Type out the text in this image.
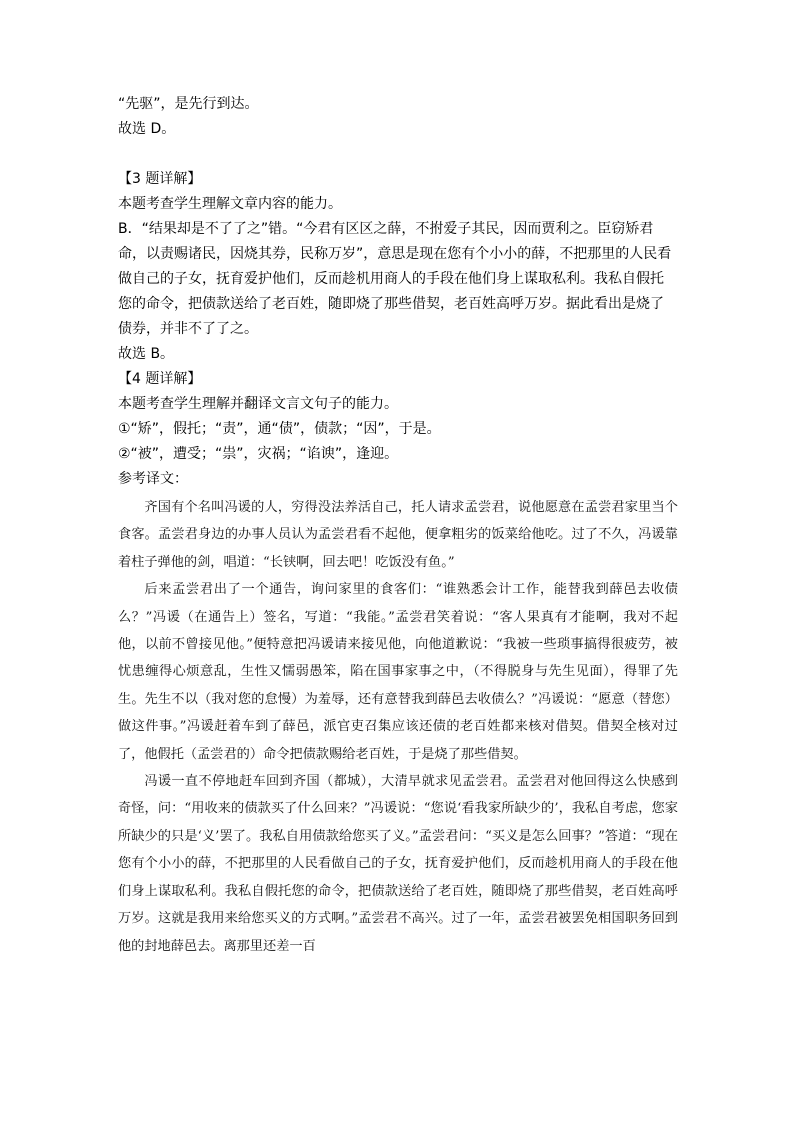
“先驱”，是先行到达。
故选 D。
【3 题详解】
本题考查学生理解文章内容的能力。
B．“结果却是不了了之”错。“今君有区区之薛，不拊爱子其民，因而贾利之。臣窃矫君
命，以责赐诸民，因烧其券，民称万岁”，意思是现在您有个小小的薛，不把那里的人民看
做自己的子女，抚育爱护他们，反而趁机用商人的手段在他们身上谋取私利。我私自假托
您的命令，把债款送给了老百姓，随即烧了那些借契，老百姓高呼万岁。据此看出是烧了
债券，并非不了了之。
故选 B。
【4 题详解】
本题考查学生理解并翻译文言文句子的能力。
①“矫”，假托；“责”，通“债”，债款；“因”，于是。
②“被”，遭受；“祟”，灾祸；“谄谀”，逢迎。
参考译文：

齐国有个名叫冯谖的人，穷得没法养活自己，托人请求孟尝君，说他愿意在孟尝君家里当个食客。孟尝君身边的办事人员认为孟尝君看不起他，便拿粗劣的饭菜给他吃。过了不久，冯谖靠着柱子弹他的剑，唱道：“长铗啊，回去吧！吃饭没有鱼。”

后来孟尝君出了一个通告，询问家里的食客们：“谁熟悉会计工作，能替我到薛邑去收债么？”冯谖（在通告上）签名，写道：“我能。”孟尝君笑着说：“客人果真有才能啊，我对不起他，以前不曾接见他。”便特意把冯谖请来接见他，向他道歉说：“我被一些琐事搞得很疲劳，被忧患缠得心烦意乱，生性又懦弱愚笨，陷在国事家事之中，（不得脱身与先生见面），得罪了先生。先生不以（我对您的怠慢）为羞辱，还有意替我到薛邑去收债么？”冯谖说：“愿意（替您）做这件事。”冯谖赶着车到了薛邑，派官吏召集应该还债的老百姓都来核对借契。借契全核对过了，他假托（孟尝君的）命令把债款赐给老百姓，于是烧了那些借契。

冯谖一直不停地赶车回到齐国（都城），大清早就求见孟尝君。孟尝君对他回得这么快感到奇怪，问：“用收来的债款买了什么回来？”冯谖说：“您说‘看我家所缺少的’，我私自考虑，您家所缺少的只是‘义’罢了。我私自用债款给您买了义。”孟尝君问：“买义是怎么回事？”答道：“现在您有个小小的薛，不把那里的人民看做自己的子女，抚育爱护他们，反而趁机用商人的手段在他们身上谋取私利。我私自假托您的命令，把债款送给了老百姓，随即烧了那些借契，老百姓高呼万岁。这就是我用来给您买义的方式啊。”孟尝君不高兴。过了一年，孟尝君被罢免相国职务回到他的封地薛邑去。离那里还差一百
